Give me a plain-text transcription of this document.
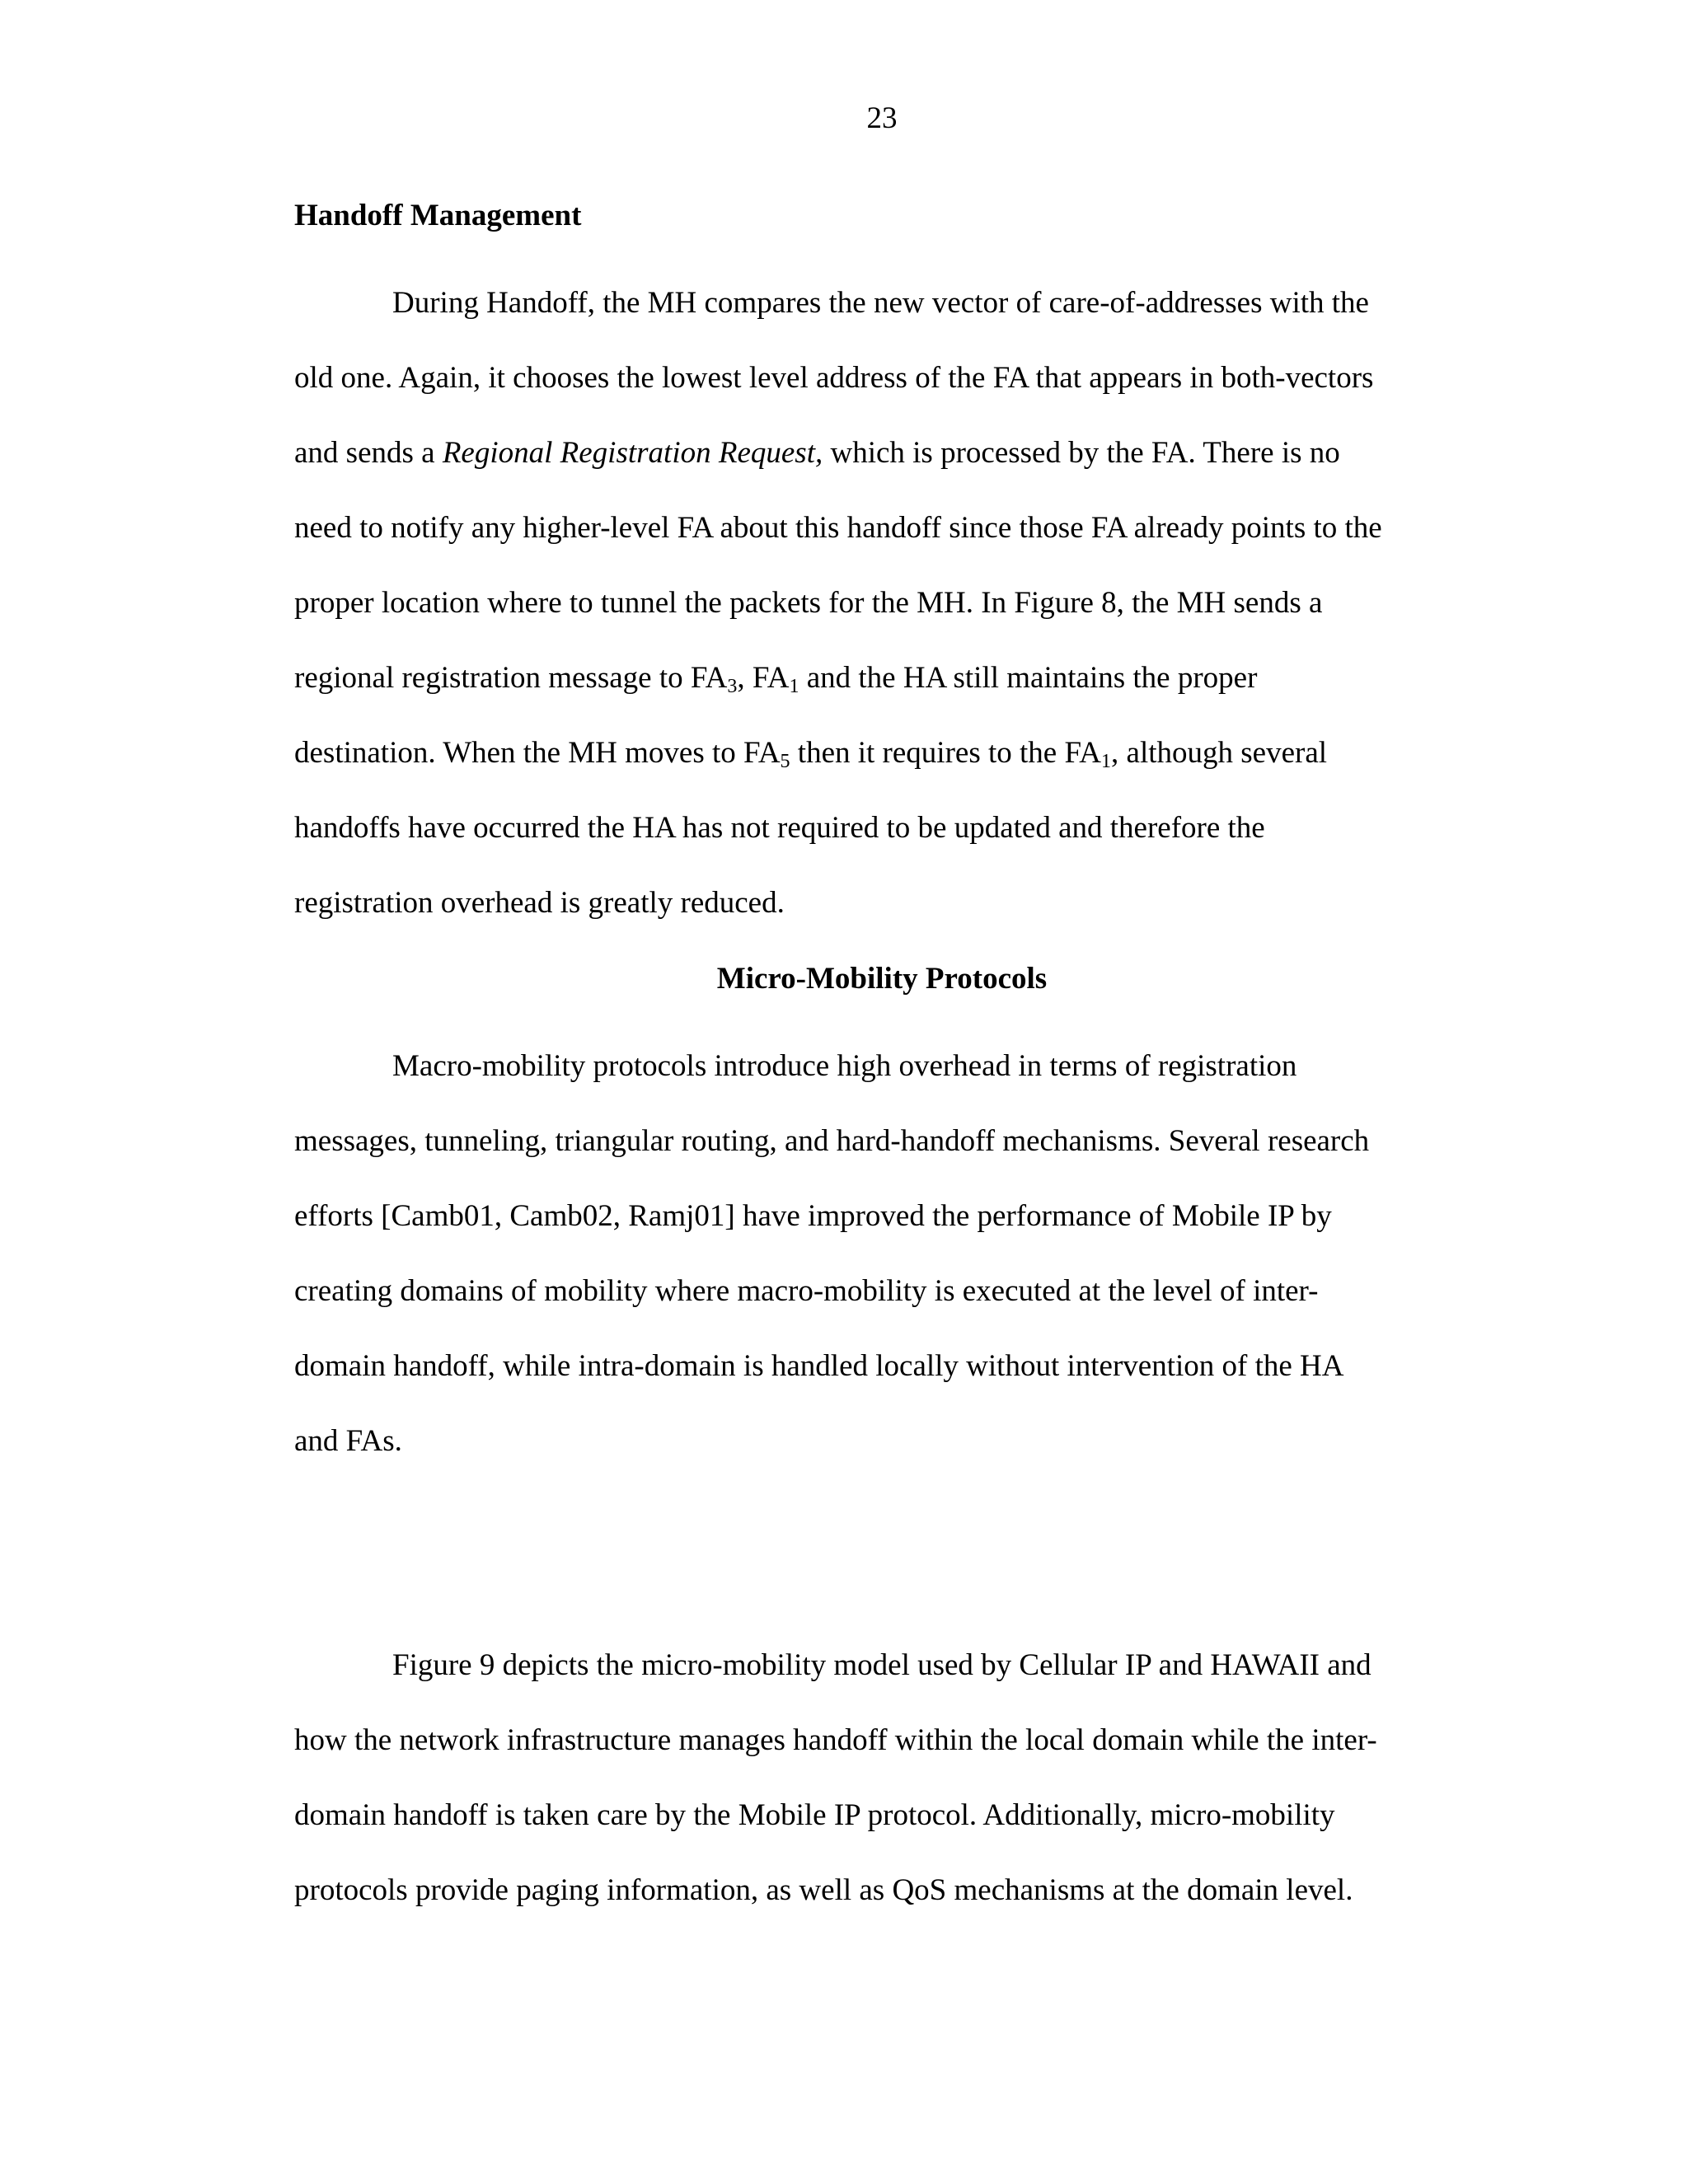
23
Handoff Management
During Handoff, the MH compares the new vector of care-of-addresses with the
old one. Again, it chooses the lowest level address of the FA that appears in both-vectors
and sends a Regional Registration Request, which is processed by the FA. There is no
need to notify any higher-level FA about this handoff since those FA already points to the
proper location where to tunnel the packets for the MH. In Figure 8, the MH sends a
regional registration message to $FA_3$, $FA_1$ and the HA still maintains the proper
destination. When the MH moves to $FA_5$ then it requires to the $FA_1$, although several
handoffs have occurred the HA has not required to be updated and therefore the
registration overhead is greatly reduced.
Micro-Mobility Protocols
Macro-mobility protocols introduce high overhead in terms of registration
messages, tunneling, triangular routing, and hard-handoff mechanisms. Several research
efforts [Camb01, Camb02, Ramj01] have improved the performance of Mobile IP by
creating domains of mobility where macro-mobility is executed at the level of inter-
domain handoff, while intra-domain is handled locally without intervention of the HA
and FAs.
Figure 9 depicts the micro-mobility model used by Cellular IP and HAWAII and
how the network infrastructure manages handoff within the local domain while the inter-
domain handoff is taken care by the Mobile IP protocol. Additionally, micro-mobility
protocols provide paging information, as well as QoS mechanisms at the domain level.
